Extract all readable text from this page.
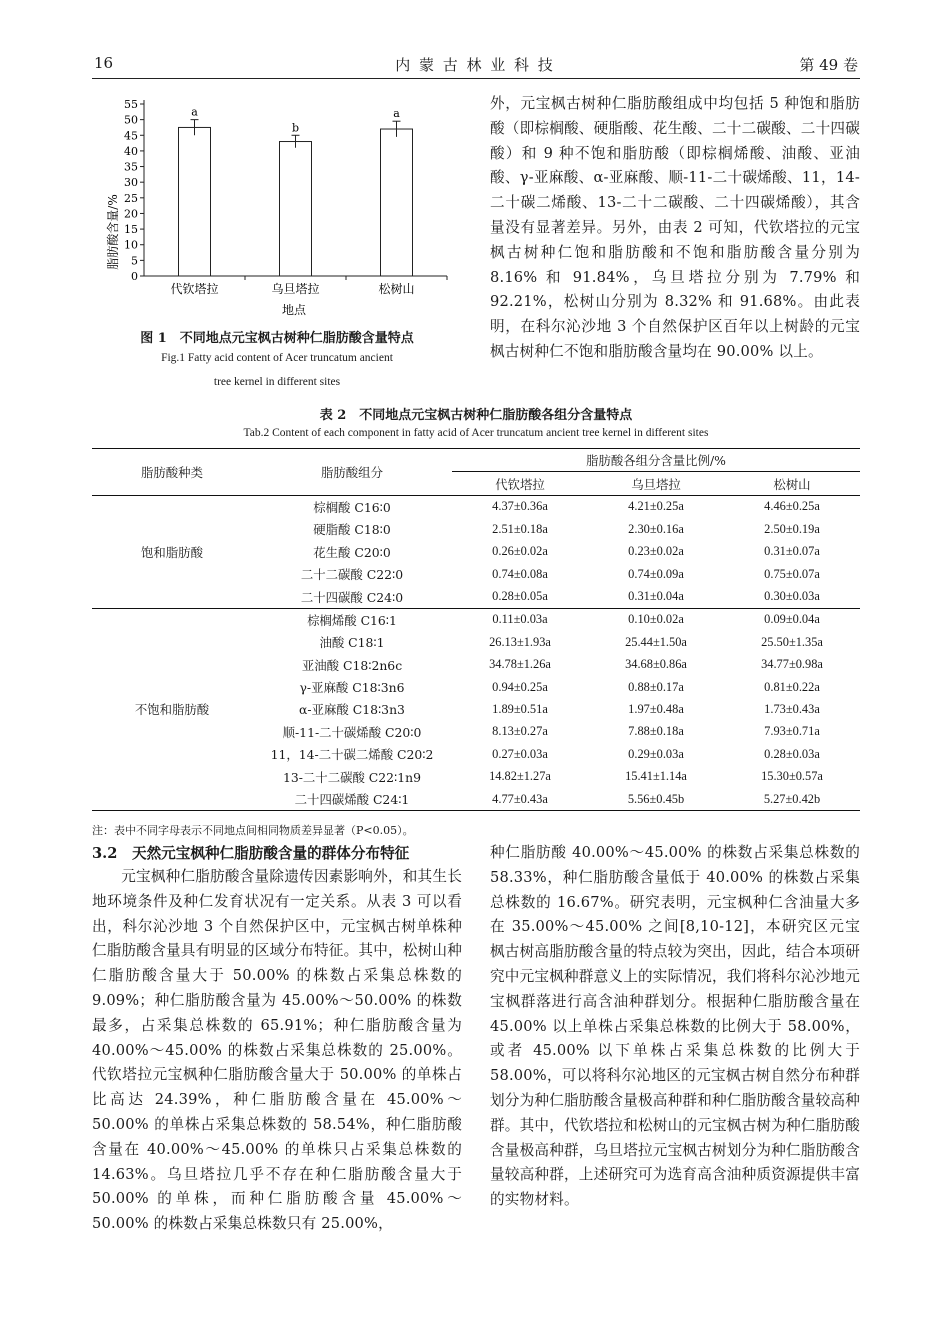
16	内 蒙 古 林 业 科 技	第 49 卷
脂肪酸含量/%
地点
0
5
10
15
20
25
30
35
40
45
50
55
a
代钦塔拉
b
乌旦塔拉
a
松树山
图 1　不同地点元宝枫古树种仁脂肪酸含量特点
Fig.1 Fatty acid content of Acer truncatum ancient
tree kernel in different sites
外，元宝枫古树种仁脂肪酸组成中均包括 5 种饱和脂肪酸（即棕榈酸、硬脂酸、花生酸、二十二碳酸、二十四碳酸）和 9 种不饱和脂肪酸（即棕榈烯酸、油酸、亚油酸、γ-亚麻酸、α-亚麻酸、顺-11-二十碳烯酸、11，14-二十碳二烯酸、13-二十二碳酸、二十四碳烯酸），其含量没有显著差异。另外，由表 2 可知，代钦塔拉的元宝枫古树种仁饱和脂肪酸和不饱和脂肪酸含量分别为 8.16% 和 91.84%，乌旦塔拉分别为 7.79% 和 92.21%，松树山分别为 8.32% 和 91.68%。由此表明，在科尔沁沙地 3 个自然保护区百年以上树龄的元宝枫古树种仁不饱和脂肪酸含量均在 90.00% 以上。
表 2　不同地点元宝枫古树种仁脂肪酸各组分含量特点
Tab.2 Content of each component in fatty acid of Acer truncatum ancient tree kernel in different sites
脂肪酸种类	脂肪酸组分	脂肪酸各组分含量比例/%		
		代钦塔拉	乌旦塔拉	松树山
饱和脂肪酸	棕榈酸 C16∶0	4.37±0.36a	4.21±0.25a	4.46±0.25a
	硬脂酸 C18∶0	2.51±0.18a	2.30±0.16a	2.50±0.19a
	花生酸 C20∶0	0.26±0.02a	0.23±0.02a	0.31±0.07a
	二十二碳酸 C22∶0	0.74±0.08a	0.74±0.09a	0.75±0.07a
	二十四碳酸 C24∶0	0.28±0.05a	0.31±0.04a	0.30±0.03a
不饱和脂肪酸	棕榈烯酸 C16∶1	0.11±0.03a	0.10±0.02a	0.09±0.04a
	油酸 C18∶1	26.13±1.93a	25.44±1.50a	25.50±1.35a
	亚油酸 C18∶2n6c	34.78±1.26a	34.68±0.86a	34.77±0.98a
	γ-亚麻酸 C18∶3n6	0.94±0.25a	0.88±0.17a	0.81±0.22a
	α-亚麻酸 C18∶3n3	1.89±0.51a	1.97±0.48a	1.73±0.43a
	顺-11-二十碳烯酸 C20∶0	8.13±0.27a	7.88±0.18a	7.93±0.71a
	11，14-二十碳二烯酸 C20∶2	0.27±0.03a	0.29±0.03a	0.28±0.03a
	13-二十二碳酸 C22∶1n9	14.82±1.27a	15.41±1.14a	15.30±0.57a
	二十四碳烯酸 C24∶1	4.77±0.43a	5.56±0.45b	5.27±0.42b
注：表中不同字母表示不同地点间相同物质差异显著（P<0.05）。
3.2  天然元宝枫种仁脂肪酸含量的群体分布特征
元宝枫种仁脂肪酸含量除遗传因素影响外，和其生长地环境条件及种仁发育状况有一定关系。从表 3 可以看出，科尔沁沙地 3 个自然保护区中，元宝枫古树单株种仁脂肪酸含量具有明显的区域分布特征。其中，松树山种仁脂肪酸含量大于 50.00% 的株数占采集总株数的 9.09%；种仁脂肪酸含量为 45.00%～50.00% 的株数最多，占采集总株数的 65.91%；种仁脂肪酸含量为 40.00%～45.00% 的株数占采集总株数的 25.00%。代钦塔拉元宝枫种仁脂肪酸含量大于 50.00% 的单株占比高达 24.39%，种仁脂肪酸含量在 45.00%～50.00% 的单株占采集总株数的 58.54%，种仁脂肪酸含量在 40.00%～45.00% 的单株只占采集总株数的 14.63%。乌旦塔拉几乎不存在种仁脂肪酸含量大于 50.00% 的单株，而种仁脂肪酸含量 45.00%～50.00% 的株数占采集总株数只有 25.00%，
种仁脂肪酸 40.00%～45.00% 的株数占采集总株数的 58.33%，种仁脂肪酸含量低于 40.00% 的株数占采集总株数的 16.67%。研究表明，元宝枫种仁含油量大多在 35.00%～45.00% 之间[8,10-12]，本研究区元宝枫古树高脂肪酸含量的特点较为突出，因此，结合本项研究中元宝枫种群意义上的实际情况，我们将科尔沁沙地元宝枫群落进行高含油种群划分。根据种仁脂肪酸含量在 45.00% 以上单株占采集总株数的比例大于 58.00%，或者 45.00% 以下单株占采集总株数的比例大于 58.00%，可以将科尔沁地区的元宝枫古树自然分布种群划分为种仁脂肪酸含量极高种群和种仁脂肪酸含量较高种群。其中，代钦塔拉和松树山的元宝枫古树为种仁脂肪酸含量极高种群，乌旦塔拉元宝枫古树划分为种仁脂肪酸含量较高种群，上述研究可为选育高含油种质资源提供丰富的实物材料。
